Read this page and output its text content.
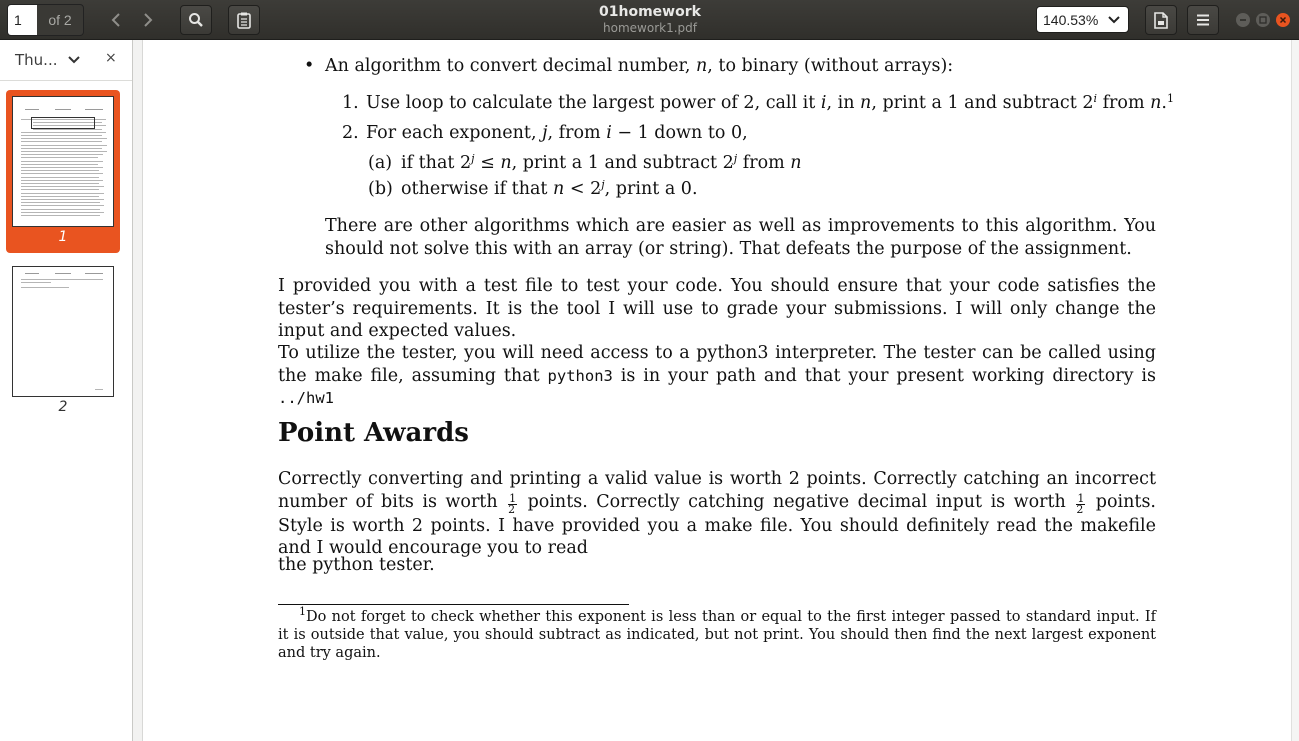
1	of 2	01homework
homework1.pdf
140.53%
Thu...	×
1
2
• An algorithm to convert decimal number, n, to binary (without arrays):
1. Use loop to calculate the largest power of 2, call it i, in n, print a 1 and subtract 2$^i$ from n.$^1$
2. For each exponent, j, from i − 1 down to 0,
(a) if that $2^j \le n$, print a 1 and subtract 2$^j$ from n
(b) otherwise if that $n < 2^j$, print a 0.
There are other algorithms which are easier as well as improvements to this algorithm. You should not solve this with an array (or string). That defeats the purpose of the assignment.
I provided you with a test file to test your code. You should ensure that your code satisfies the tester’s requirements. It is the tool I will use to grade your submissions. I will only change the input and expected values.
To utilize the tester, you will need access to a python3 interpreter. The tester can be called using the make file, assuming that python3 is in your path and that your present working directory is ../hw1
Point Awards
Correctly converting and printing a valid value is worth 2 points. Correctly catching an incorrect number of bits is worth $\frac{1}{2}$ points. Correctly catching negative decimal input is worth $\frac{1}{2}$ points. Style is worth 2 points. I have provided you a make file. You should definitely read the makefile and I would encourage you to read
the python tester.
$^1$Do not forget to check whether this exponent is less than or equal to the first integer passed to standard input. If it is outside that value, you should subtract as indicated, but not print. You should then find the next largest exponent and try again.
